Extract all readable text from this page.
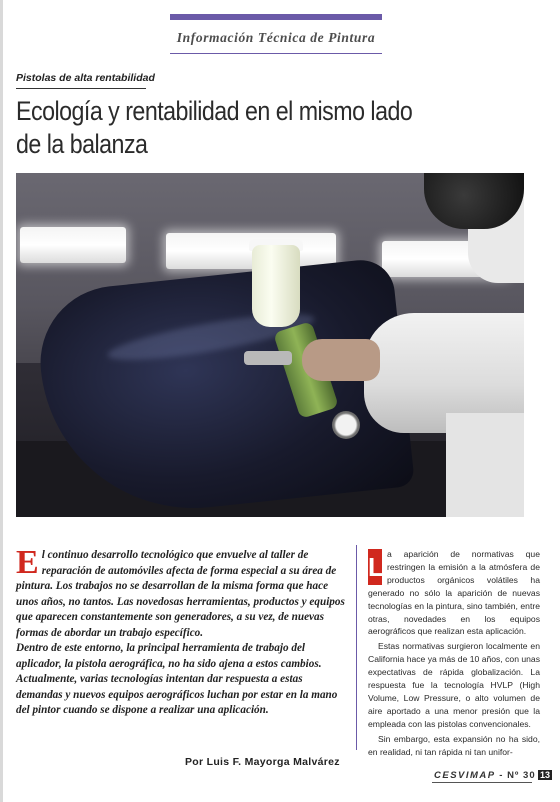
Información Técnica de Pintura
Pistolas de alta rentabilidad
Ecología y rentabilidad en el mismo lado
de la balanza
E l continuo desarrollo tecnológico que envuelve al taller de reparación de automóviles afecta de forma especial a su área de pintura. Los trabajos no se desarrollan de la misma forma que hace unos años, no tantos. Las novedosas herramientas, productos y equipos que aparecen constantemente son generadores, a su vez, de nuevas formas de abordar un trabajo específico.
Dentro de este entorno, la principal herramienta de trabajo del aplicador, la pistola aerográfica, no ha sido ajena a estos cambios. Actualmente, varias tecnologías intentan dar respuesta a estas demandas y nuevos equipos aerográficos luchan por estar en la mano del pintor cuando se dispone a realizar una aplicación.
Por Luis F. Mayorga Malvárez

L a aparición de normativas que restringen la emisión a la atmósfera de productos orgánicos volátiles ha generado no sólo la aparición de nuevas tecnologías en la pintura, sino también, entre otras, novedades en los equipos aerográficos que realizan esta aplicación.

Estas normativas surgieron localmente en California hace ya más de 10 años, con unas expectativas de rápida globalización. La respuesta fue la tecnología HVLP (High Volume, Low Pressure, o alto volumen de aire aportado a una menor presión que la empleada con las pistolas convencionales.

Sin embargo, esta expansión no ha sido, en realidad, ni tan rápida ni tan unifor-

CESVIMAP - Nº 30 13
